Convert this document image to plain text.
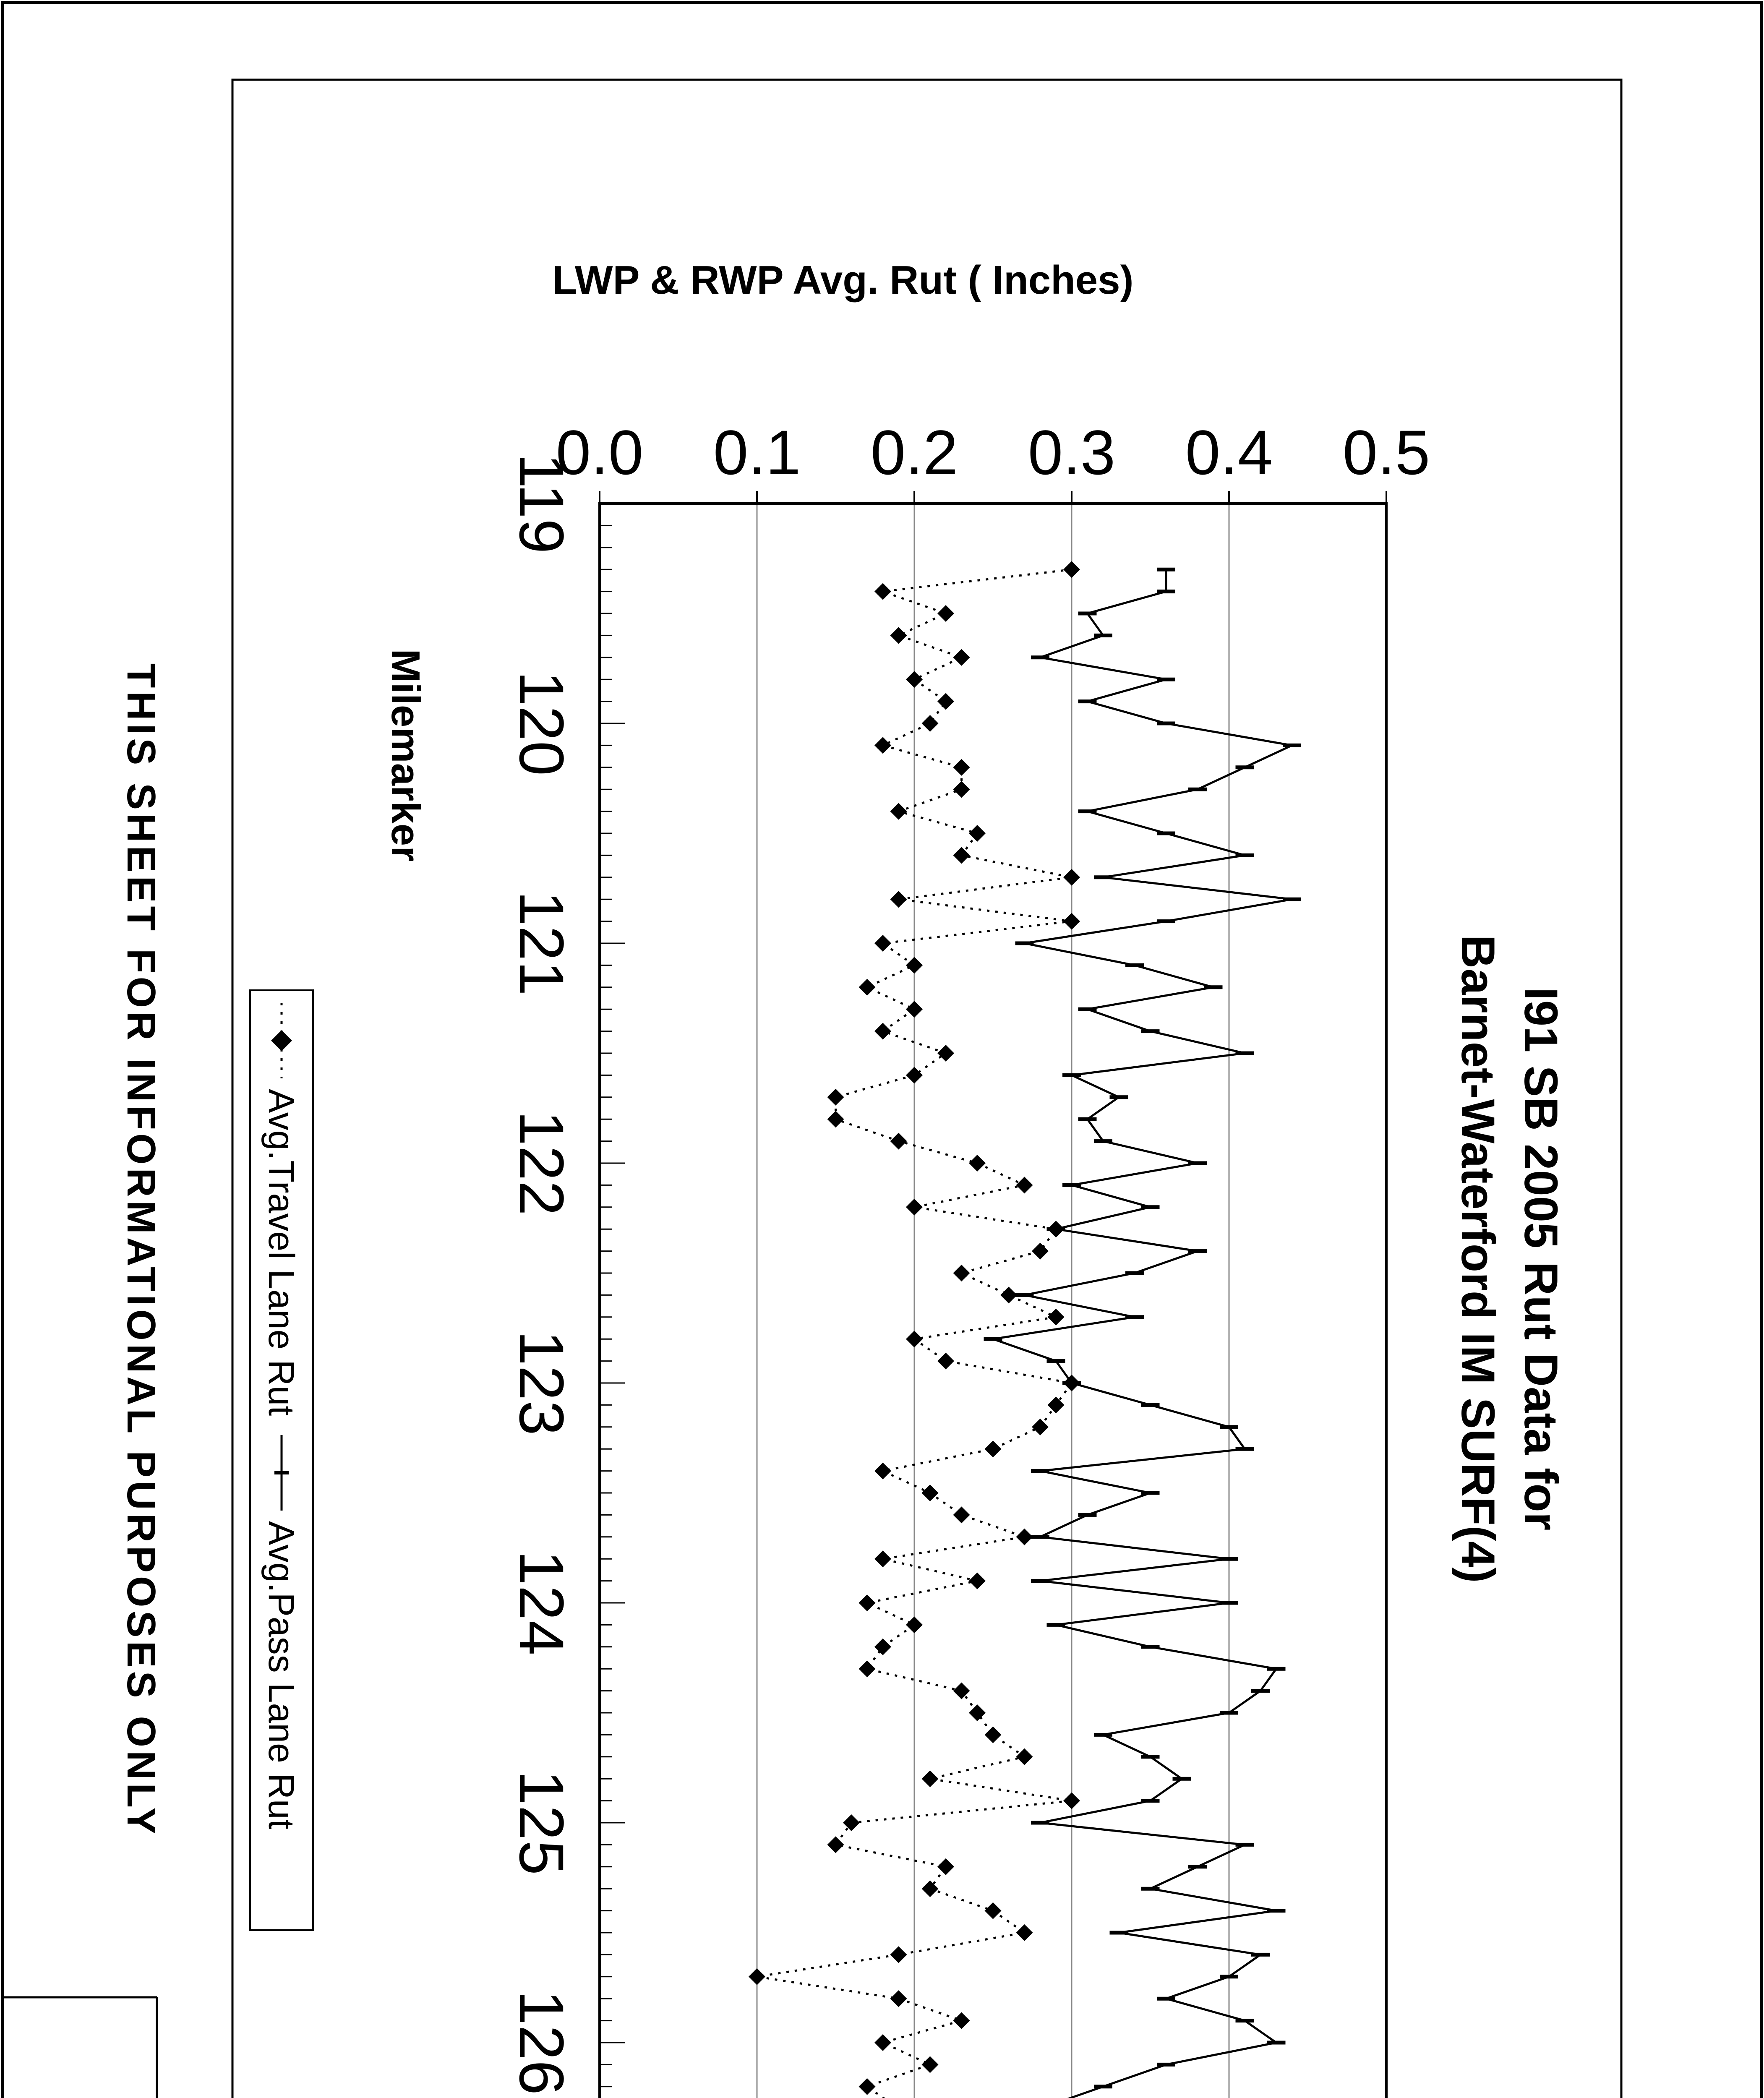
119
120
121
122
123
124
125
126
0.0 0.1 0.2 0.3 0.4 0.5
I91 SB 2005 Rut Data for
Barnet-Waterford IM SURF(4)
LWP & RWP Avg. Rut ( Inches)
Milemarker
Avg.Travel Lane Rut
Avg.Pass Lane Rut
THIS SHEET FOR INFORMATIONAL PURPOSES ONLY
